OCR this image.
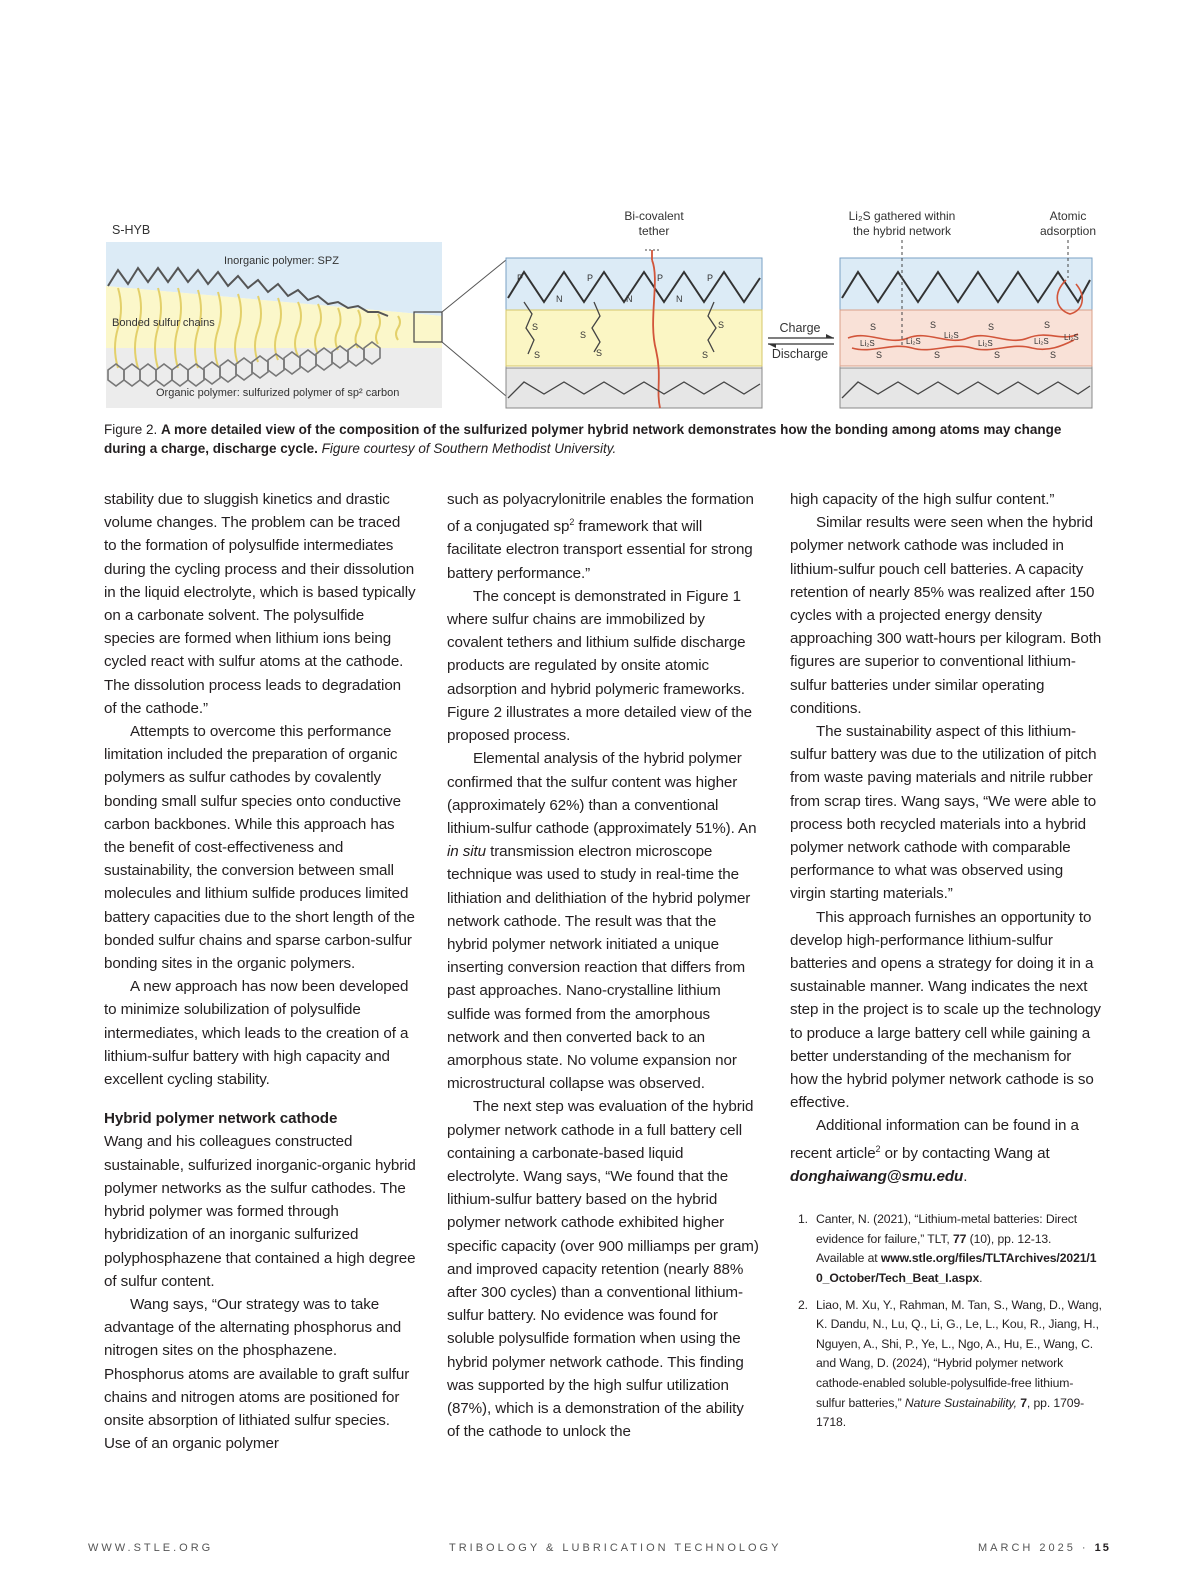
S-HYB
Inorganic polymer: SPZ
Bonded sulfur chains
Organic polymer: sulfurized polymer of sp² carbon
P	P	P	P
N	N	N
S
S
S
S
S
S
Bi-covalent
tether
Charge
Discharge
Li₂S	Li₂S
Li₂S
Li₂S	Li₂S Li₂S
S	S	S	S
S	S	S	S
Li₂S gathered within
the hybrid network
Atomic
adsorption
Figure 2. A more detailed view of the composition of the sulfurized polymer hybrid network demonstrates how the bonding among atoms may change during a charge, discharge cycle. Figure courtesy of Southern Methodist University.

stability due to sluggish kinetics and drastic volume changes. The problem can be traced to the formation of polysulfide intermediates during the cycling process and their dissolution in the liquid electrolyte, which is based typically on a carbonate solvent. The polysulfide species are formed when lithium ions being cycled react with sulfur atoms at the cathode. The dissolution process leads to degradation of the cathode.”

Attempts to overcome this performance limitation included the preparation of organic polymers as sulfur cathodes by covalently bonding small sulfur species onto conductive carbon backbones. While this approach has the benefit of cost-effectiveness and sustainability, the conversion between small molecules and lithium sulfide produces limited battery capacities due to the short length of the bonded sulfur chains and sparse carbon-sulfur bonding sites in the organic polymers.

A new approach has now been developed to minimize solubilization of polysulfide intermediates, which leads to the creation of a lithium-sulfur battery with high capacity and excellent cycling stability.

Hybrid polymer network cathode

Wang and his colleagues constructed sustainable, sulfurized inorganic-organic hybrid polymer networks as the sulfur cathodes. The hybrid polymer was formed through hybridization of an inorganic sulfurized polyphosphazene that contained a high degree of sulfur content.

Wang says, “Our strategy was to take advantage of the alternating phosphorus and nitrogen sites on the phosphazene. Phosphorus atoms are available to graft sulfur chains and nitrogen atoms are positioned for onsite absorption of lithiated sulfur species. Use of an organic polymer

such as polyacrylonitrile enables the formation of a conjugated $sp^2$ framework that will facilitate electron transport essential for strong battery performance.”

The concept is demonstrated in Figure 1 where sulfur chains are immobilized by covalent tethers and lithium sulfide discharge products are regulated by onsite atomic adsorption and hybrid polymeric frameworks. Figure 2 illustrates a more detailed view of the proposed process.

Elemental analysis of the hybrid polymer confirmed that the sulfur content was higher (approximately 62%) than a conventional lithium-sulfur cathode (approximately 51%). An in situ transmission electron microscope technique was used to study in real-time the lithiation and delithiation of the hybrid polymer network cathode. The result was that the hybrid polymer network initiated a unique inserting conversion reaction that differs from past approaches. Nano-crystalline lithium sulfide was formed from the amorphous network and then converted back to an amorphous state. No volume expansion nor microstructural collapse was observed.

The next step was evaluation of the hybrid polymer network cathode in a full battery cell containing a carbonate-based liquid electrolyte. Wang says, “We found that the lithium-sulfur battery based on the hybrid polymer network cathode exhibited higher specific capacity (over 900 milliamps per gram) and improved capacity retention (nearly 88% after 300 cycles) than a conventional lithium-sulfur battery. No evidence was found for soluble polysulfide formation when using the hybrid polymer network cathode. This finding was supported by the high sulfur utilization (87%), which is a demonstration of the ability of the cathode to unlock the

high capacity of the high sulfur content.”

Similar results were seen when the hybrid polymer network cathode was included in lithium-sulfur pouch cell batteries. A capacity retention of nearly 85% was realized after 150 cycles with a projected energy density approaching 300 watt-hours per kilogram. Both figures are superior to conventional lithium-sulfur batteries under similar operating conditions.

The sustainability aspect of this lithium-sulfur battery was due to the utilization of pitch from waste paving materials and nitrile rubber from scrap tires. Wang says, “We were able to process both recycled materials into a hybrid polymer network cathode with comparable performance to what was observed using virgin starting materials.”

This approach furnishes an opportunity to develop high-performance lithium-sulfur batteries and opens a strategy for doing it in a sustainable manner. Wang indicates the next step in the project is to scale up the technology to produce a large battery cell while gaining a better understanding of the mechanism for how the hybrid polymer network cathode is so effective.

Additional information can be found in a recent article$^2$ or by contacting Wang at donghaiwang@smu.edu.

1. Canter, N. (2021), “Lithium-metal batteries: Direct evidence for failure,” TLT, 77 (10), pp. 12-13. Available at www.stle.org/files/TLTArchives/2021/10_October/Tech_Beat_I.aspx.
2. Liao, M. Xu, Y., Rahman, M. Tan, S., Wang, D., Wang, K. Dandu, N., Lu, Q., Li, G., Le, L., Kou, R., Jiang, H., Nguyen, A., Shi, P., Ye, L., Ngo, A., Hu, E., Wang, C. and Wang, D. (2024), “Hybrid polymer network cathode-enabled soluble-polysulfide-free lithium-sulfur batteries,” Nature Sustainability, 7, pp. 1709-1718.
WWW.STLE.ORG	TRIBOLOGY & LUBRICATION TECHNOLOGY	MARCH 2025 · 15
